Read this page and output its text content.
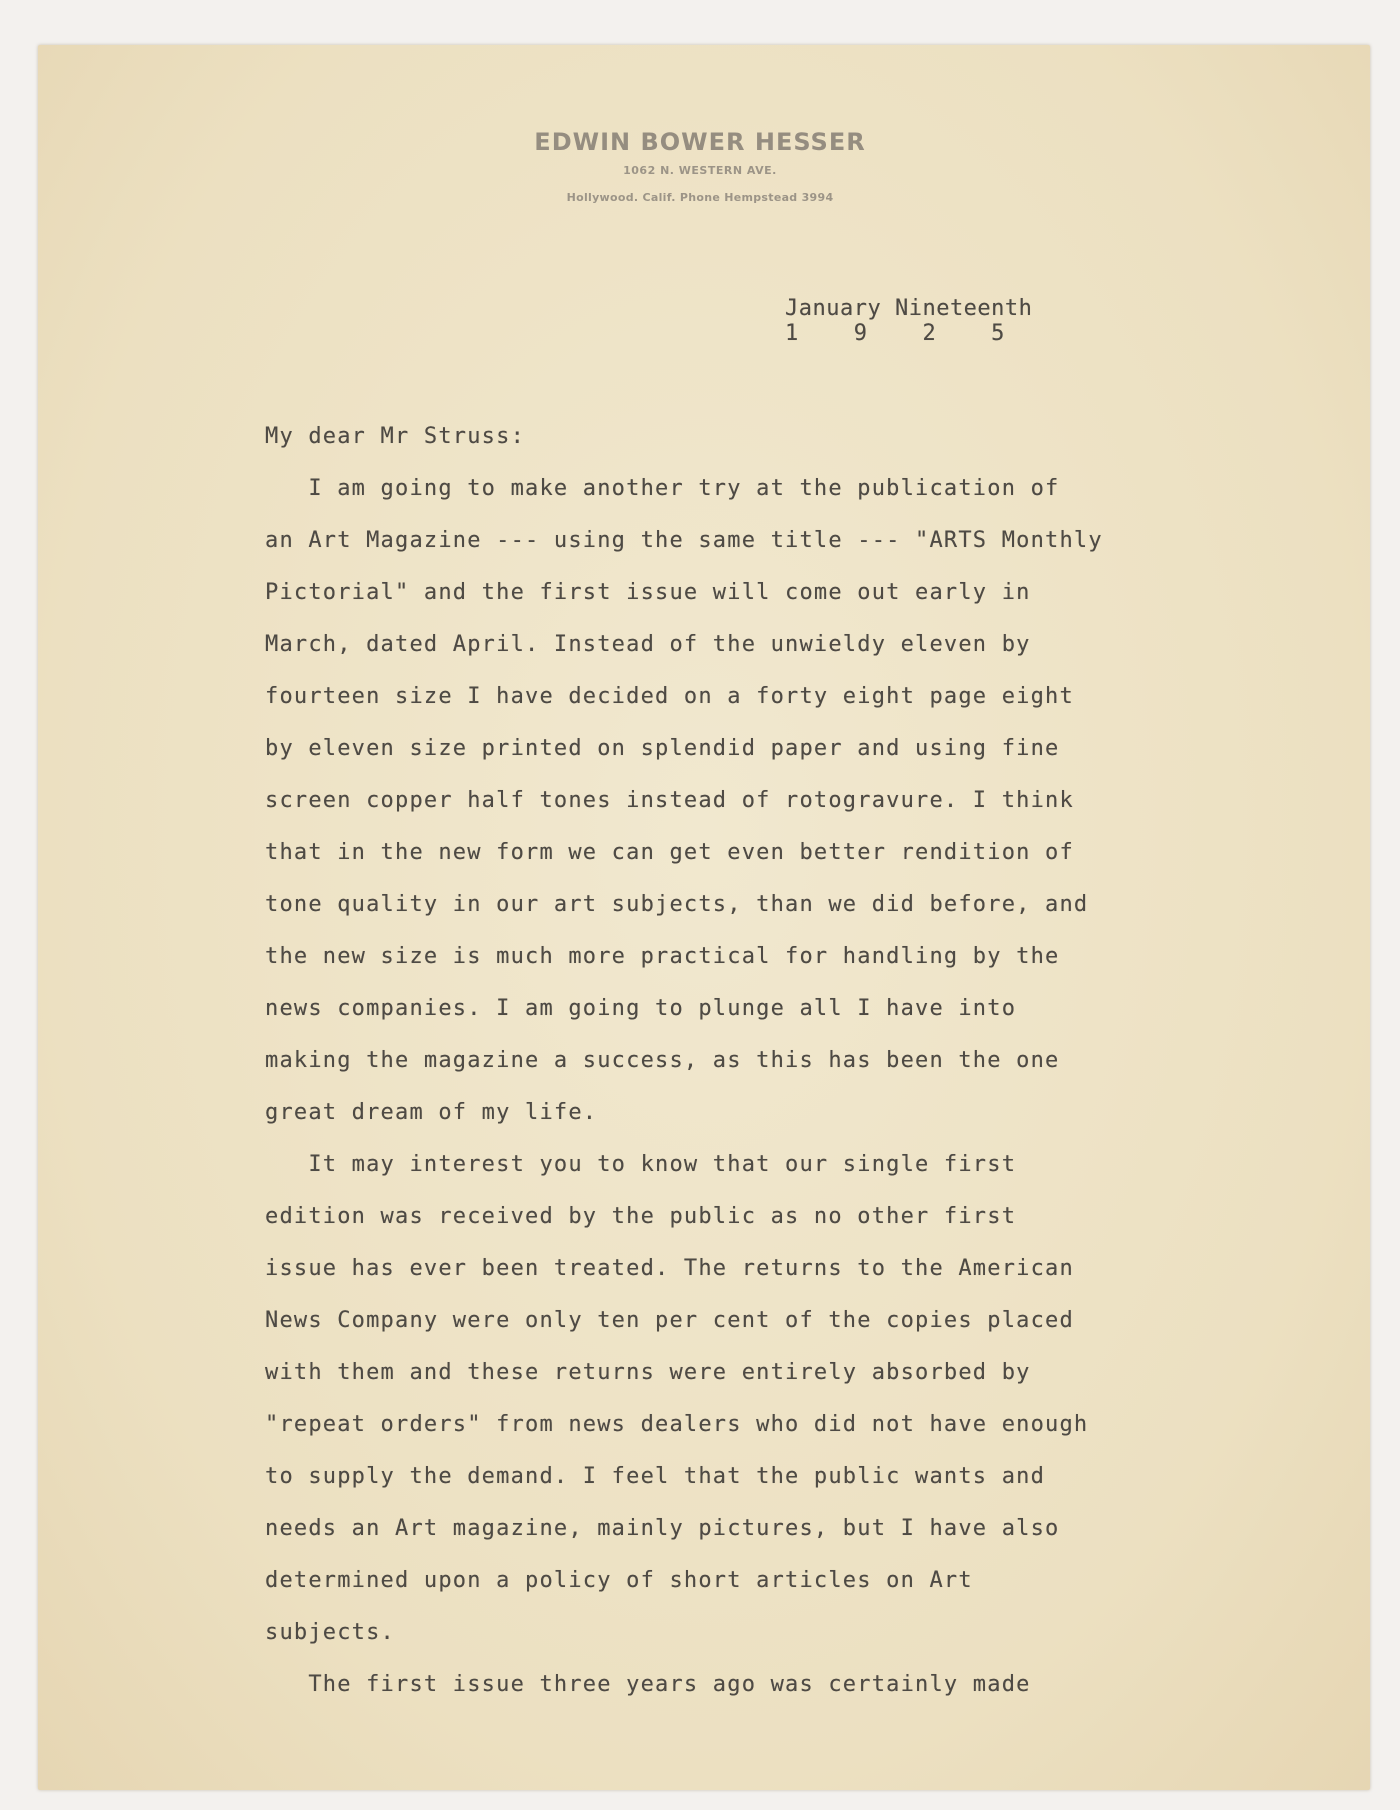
EDWIN BOWER HESSER
1062 N. WESTERN AVE.
Hollywood. Calif. Phone Hempstead 3994
January Nineteenth
1    9    2    5
My dear Mr Struss:
I am going to make another try at the publication of
an Art Magazine --- using the same title --- "ARTS Monthly
Pictorial" and the first issue will come out early in
March, dated April. Instead of the unwieldy eleven by
fourteen size I have decided on a forty eight page eight
by eleven size printed on splendid paper and using fine
screen copper half tones instead of rotogravure. I think
that in the new form we can get even better rendition of
tone quality in our art subjects, than we did before, and
the new size is much more practical for handling by the
news companies. I am going to plunge all I have into
making the magazine a success, as this has been the one
great dream of my life.
It may interest you to know that our single first
edition was received by the public as no other first
issue has ever been treated. The returns to the American
News Company were only ten per cent of the copies placed
with them and these returns were entirely absorbed by
"repeat orders" from news dealers who did not have enough
to supply the demand. I feel that the public wants and
needs an Art magazine, mainly pictures, but I have also
determined upon a policy of short articles on Art
subjects.
The first issue three years ago was certainly made
